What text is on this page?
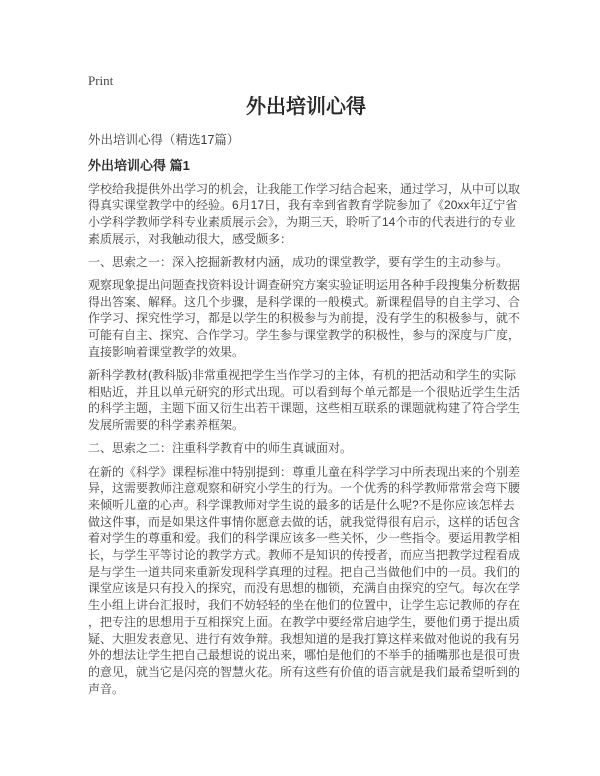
Print
外出培训心得
外出培训心得（精选17篇）
外出培训心得 篇1

学校给我提供外出学习的机会，让我能工作学习结合起来，通过学习，从中可以取得真实课堂教学中的经验。6月17日，我有幸到省教育学院参加了《20xx年辽宁省小学科学教师学科专业素质展示会》，为期三天，聆听了14个市的代表进行的专业素质展示，对我触动很大，感受颇多：

一、思索之一：深入挖掘新教材内涵，成功的课堂教学，要有学生的主动参与。

观察现象提出问题查找资料设计调查研究方案实验证明运用各种手段搜集分析数据得出答案、解释。这几个步骤，是科学课的一般模式。新课程倡导的自主学习、合作学习、探究性学习，都是以学生的积极参与为前提，没有学生的积极参与，就不可能有自主、探究、合作学习。学生参与课堂教学的积极性，参与的深度与广度，直接影响着课堂教学的效果。

新科学教材(教科版)非常重视把学生当作学习的主体，有机的把活动和学生的实际相贴近，并且以单元研究的形式出现。可以看到每个单元都是一个很贴近学生生活的科学主题，主题下面又衍生出若干课题，这些相互联系的课题就构建了符合学生发展所需要的科学素养框架。

二、思索之二：注重科学教育中的师生真诚面对。

在新的《科学》课程标准中特别提到：尊重儿童在科学学习中所表现出来的个别差异，这需要教师注意观察和研究小学生的行为。一个优秀的科学教师常常会弯下腰来倾听儿童的心声。科学课教师对学生说的最多的话是什么呢?不是你应该怎样去做这件事，而是如果这件事情你愿意去做的话，就我觉得很有启示，这样的话包含着对学生的尊重和爱。我们的科学课应该多一些关怀，少一些指令。要运用教学相长，与学生平等讨论的教学方式。教师不是知识的传授者，而应当把教学过程看成是与学生一道共同来重新发现科学真理的过程。把自己当做他们中的一员。我们的课堂应该是只有投入的探究，而没有思想的枷锁，充满自由探究的空气。每次在学生小组上讲台汇报时，我们不妨轻轻的坐在他们的位置中，让学生忘记教师的存在，把专注的思想用于互相探究上面。在教学中要经常启迪学生，要他们勇于提出质疑、大胆发表意见、进行有效争辩。我想知道的是我打算这样来做对他说的我有另外的想法让学生把自己最想说的说出来，哪怕是他们的不举手的插嘴那也是很可贵的意见，就当它是闪亮的智慧火花。所有这些有价值的语言就是我们最希望听到的声音。
